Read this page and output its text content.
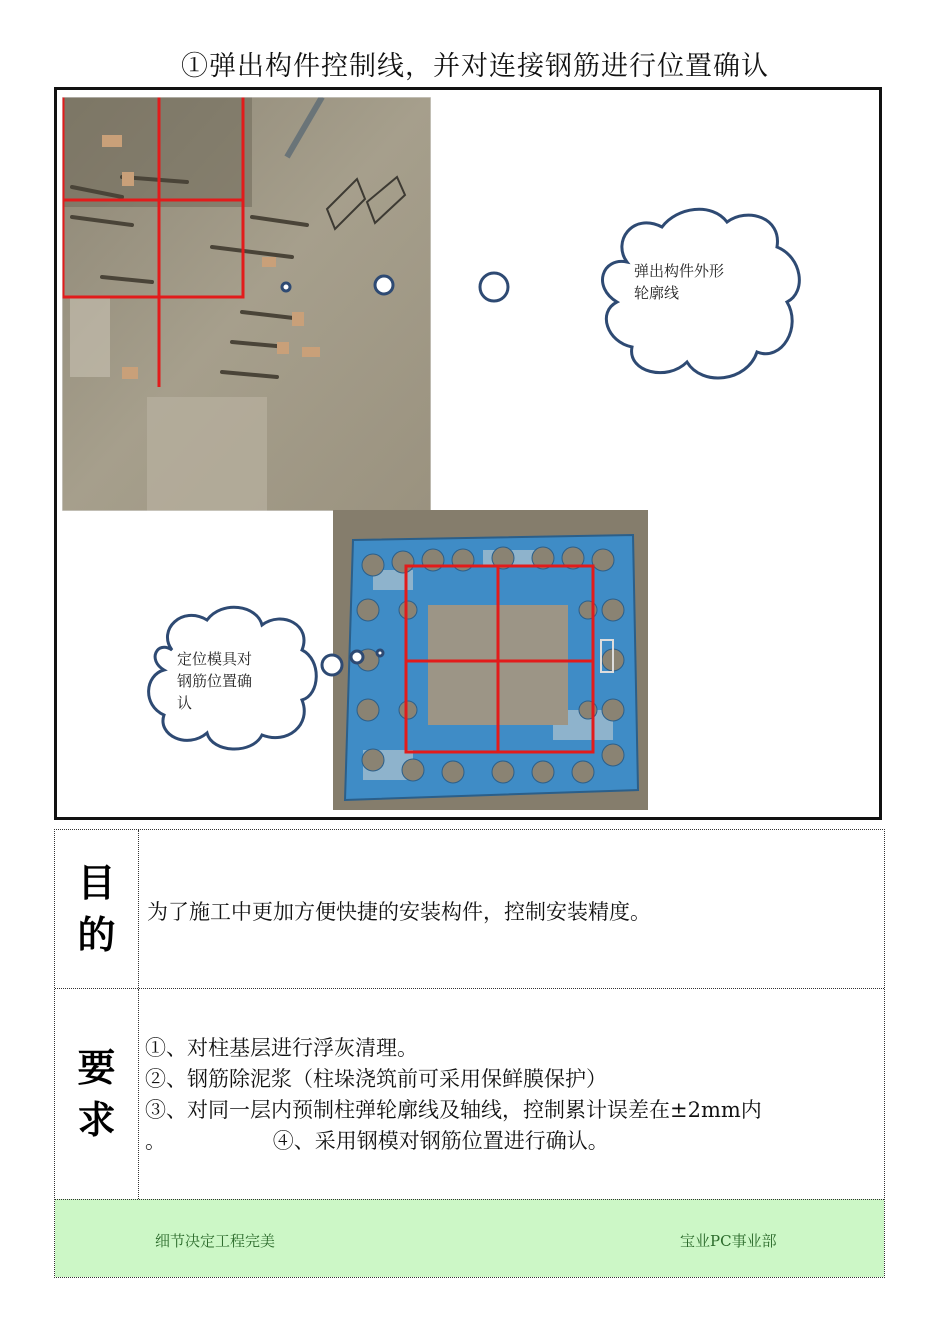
①弹出构件控制线，并对连接钢筋进行位置确认
弹出构件外形
轮廓线
定位模具对
钢筋位置确
认
目
的
为了施工中更加方便快捷的安装构件，控制安装精度。
要
求
①、对柱基层进行浮灰清理。
②、钢筋除泥浆（柱垛浇筑前可采用保鲜膜保护）
③、对同一层内预制柱弹轮廓线及轴线，控制累计误差在±2mm内
。                ④、采用钢模对钢筋位置进行确认。
细节决定工程完美	宝业PC事业部
